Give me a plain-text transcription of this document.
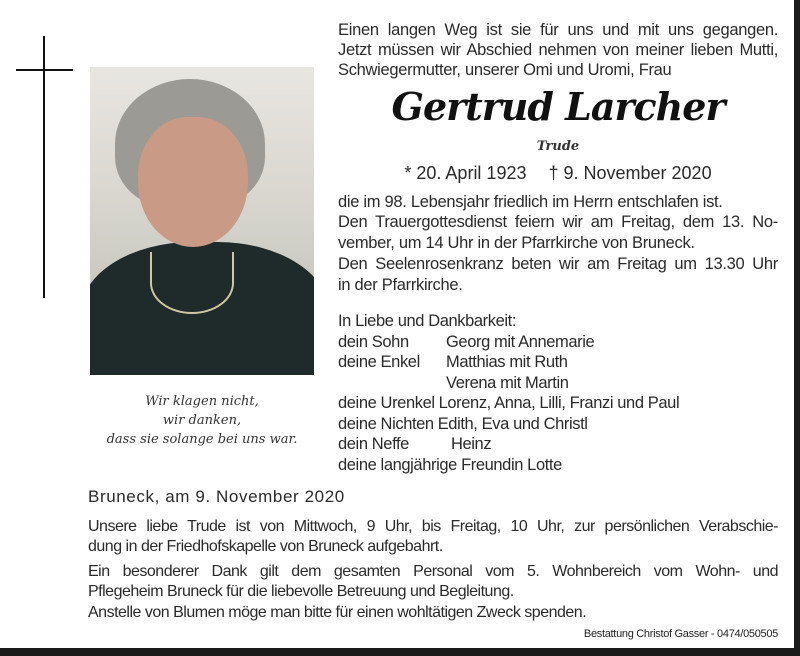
Wir klagen nicht,
wir danken,
dass sie solange bei uns war.
Einen langen Weg ist sie für uns und mit uns gegangen.
Jetzt müssen wir Abschied nehmen von meiner lieben Mutti,
Schwiegermutter, unserer Omi und Uromi, Frau
Gertrud Larcher
Trude
* 20. April 1923 † 9. November 2020
die im 98. Lebensjahr friedlich im Herrn entschlafen ist.
Den Trauergottesdienst feiern wir am Freitag, dem 13. No-
vember, um 14 Uhr in der Pfarrkirche von Bruneck.
Den Seelenrosenkranz beten wir am Freitag um 13.30 Uhr
in der Pfarrkirche.
In Liebe und Dankbarkeit:
dein Sohn Georg mit Annemarie
deine Enkel Matthias mit Ruth
Verena mit Martin
deine Urenkel Lorenz, Anna, Lilli, Franzi und Paul
deine Nichten Edith, Eva und Christl
dein Neffe	Heinz
deine langjährige Freundin Lotte
Bruneck, am 9. November 2020
Unsere liebe Trude ist von Mittwoch, 9 Uhr, bis Freitag, 10 Uhr, zur persönlichen Verabschie-
dung in der Friedhofskapelle von Bruneck aufgebahrt.
Ein besonderer Dank gilt dem gesamten Personal vom 5. Wohnbereich vom Wohn- und
Pflegeheim Bruneck für die liebevolle Betreuung und Begleitung.
Anstelle von Blumen möge man bitte für einen wohltätigen Zweck spenden.
Bestattung Christof Gasser - 0474/050505
